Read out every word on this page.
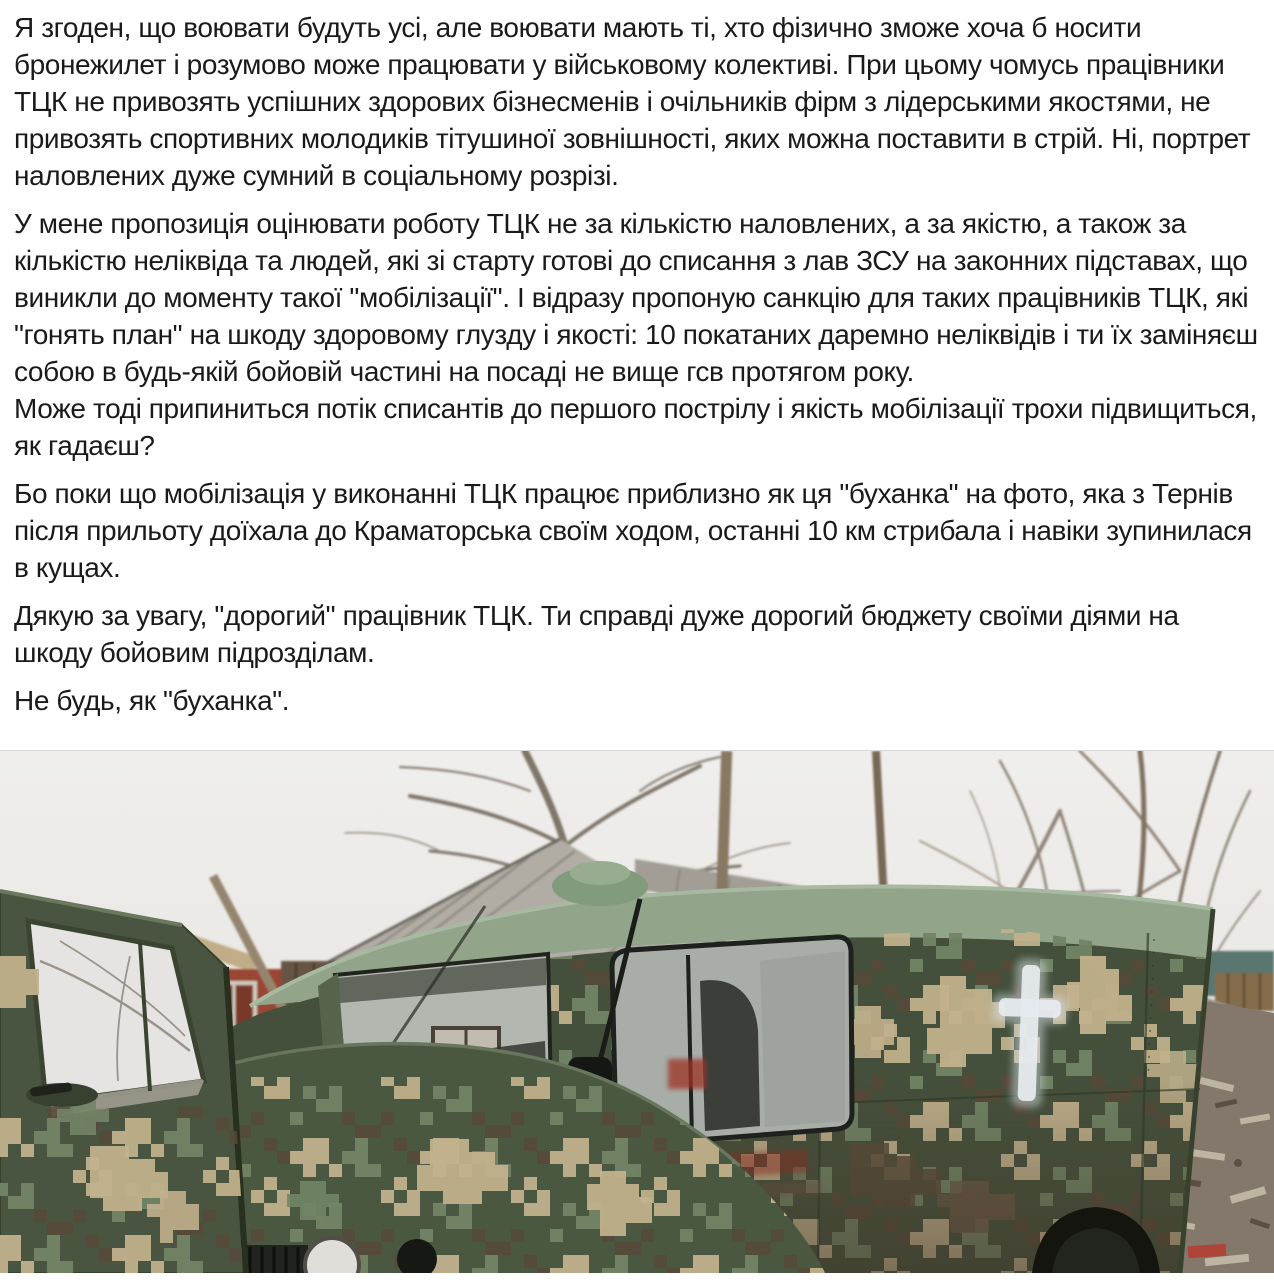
Я згоден, що воювати будуть усі, але воювати мають ті, хто фізично зможе хоча б носити бронежилет і розумово може працювати у військовому колективі. При цьому чомусь працівники ТЦК не привозять успішних здорових бізнесменів і очільників фірм з лідерськими якостями, не привозять спортивних молодиків тітушиної зовнішності, яких можна поставити в стрій. Ні, портрет наловлених дуже сумний в соціальному розрізі.

У мене пропозиція оцінювати роботу ТЦК не за кількістю наловлених, а за якістю, а також за кількістю неліквіда та людей, які зі старту готові до списання з лав ЗСУ на законних підставах, що виникли до моменту такої "мобілізації". І відразу пропоную санкцію для таких працівників ТЦК, які "гонять план" на шкоду здоровому глузду і якості: 10 покатаних даремно неліквідів і ти їх заміняєш собою в будь-якій бойовій частині на посаді не вище гсв протягом року.
Може тоді припиниться потік списантів до першого пострілу і якість мобілізації трохи підвищиться, як гадаєш?

Бо поки що мобілізація у виконанні ТЦК працює приблизно як ця "буханка" на фото, яка з Тернів після прильоту доїхала до Краматорська своїм ходом, останні 10 км стрибала і навіки зупинилася в кущах.

Дякую за увагу, "дорогий" працівник ТЦК. Ти справді дуже дорогий бюджету своїми діями на шкоду бойовим підрозділам.

Не будь, як "буханка".
